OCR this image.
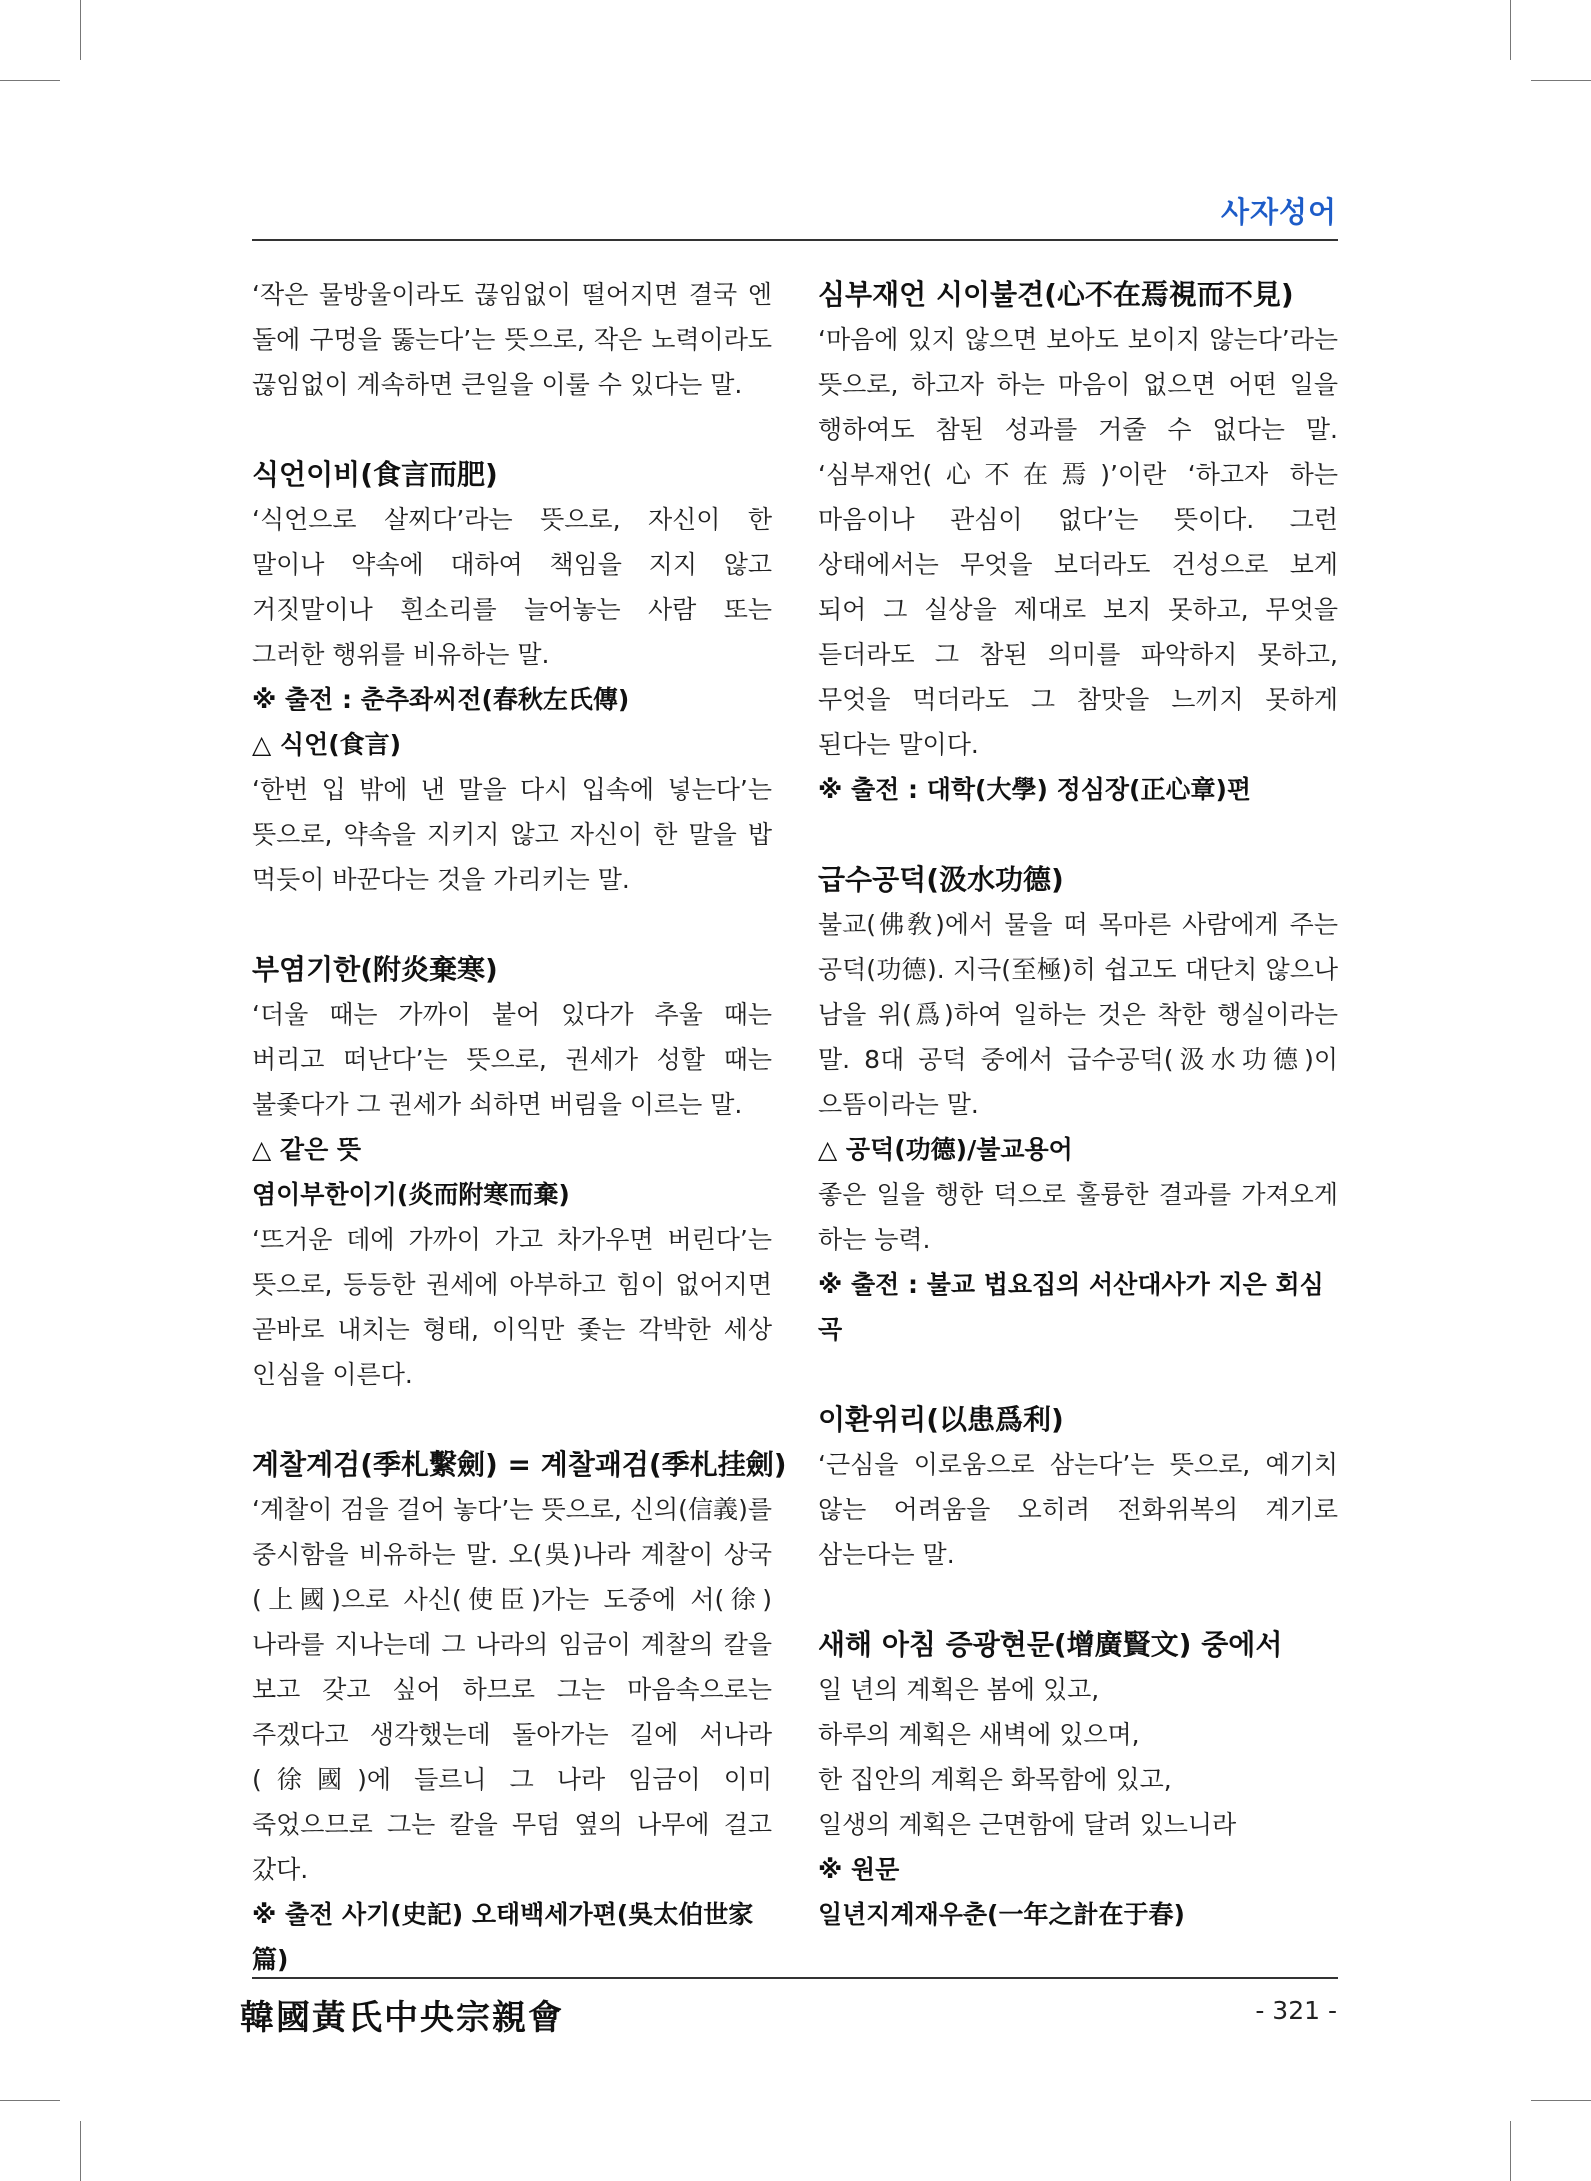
사자성어
‘작은 물방울이라도 끊임없이 떨어지면 결국 엔 돌에 구멍을 뚫는다’는 뜻으로, 작은 노력이라도 끊임없이 계속하면 큰일을 이룰 수 있다는 말.
식언이비(食言而肥)
‘식언으로 살찌다’라는 뜻으로, 자신이 한 말이나 약속에 대하여 책임을 지지 않고 거짓말이나 흰소리를 늘어놓는 사람 또는 그러한 행위를 비유하는 말.
※ 출전 : 춘추좌씨전(春秋左氏傳)
△ 식언(食言)
‘한번 입 밖에 낸 말을 다시 입속에 넣는다’는 뜻으로, 약속을 지키지 않고 자신이 한 말을 밥 먹듯이 바꾼다는 것을 가리키는 말.
부염기한(附炎棄寒)
‘더울 때는 가까이 붙어 있다가 추울 때는 버리고 떠난다’는 뜻으로, 권세가 성할 때는 불좇다가 그 권세가 쇠하면 버림을 이르는 말.
△ 같은 뜻
염이부한이기(炎而附寒而棄)
‘뜨거운 데에 가까이 가고 차가우면 버린다’는 뜻으로, 등등한 권세에 아부하고 힘이 없어지면 곧바로 내치는 형태, 이익만 좇는 각박한 세상 인심을 이른다.
계찰계검(季札繫劍) = 계찰괘검(季札挂劍)
‘계찰이 검을 걸어 놓다’는 뜻으로, 신의(信義)를 중시함을 비유하는 말. 오(吳)나라 계찰이 상국(上國)으로 사신(使臣)가는 도중에 서(徐)나라를 지나는데 그 나라의 임금이 계찰의 칼을 보고 갖고 싶어 하므로 그는 마음속으로는 주겠다고 생각했는데 돌아가는 길에 서나라(徐國)에 들르니 그 나라 임금이 이미 죽었으므로 그는 칼을 무덤 옆의 나무에 걸고 갔다.
※ 출전 사기(史記) 오태백세가편(吳太伯世家篇)
심부재언 시이불견(心不在焉視而不見)
‘마음에 있지 않으면 보아도 보이지 않는다’라는 뜻으로, 하고자 하는 마음이 없으면 어떤 일을 행하여도 참된 성과를 거줄 수 없다는 말. ‘심부재언(心不在焉)’이란 ‘하고자 하는 마음이나 관심이 없다’는 뜻이다. 그런 상태에서는 무엇을 보더라도 건성으로 보게 되어 그 실상을 제대로 보지 못하고, 무엇을 듣더라도 그 참된 의미를 파악하지 못하고, 무엇을 먹더라도 그 참맛을 느끼지 못하게 된다는 말이다.
※ 출전 : 대학(大學) 정심장(正心章)편
급수공덕(汲水功德)
불교(佛敎)에서 물을 떠 목마른 사람에게 주는 공덕(功德). 지극(至極)히 쉽고도 대단치 않으나 남을 위(爲)하여 일하는 것은 착한 행실이라는 말. 8대 공덕 중에서 급수공덕(汲水功德)이 으뜸이라는 말.
△ 공덕(功德)/불교용어
좋은 일을 행한 덕으로 훌륭한 결과를 가져오게 하는 능력.
※ 출전 : 불교 법요집의 서산대사가 지은 회심곡
이환위리(以患爲利)
‘근심을 이로움으로 삼는다’는 뜻으로, 예기치 않는 어려움을 오히려 전화위복의 계기로 삼는다는 말.
새해 아침 증광현문(增廣賢文) 중에서
일 년의 계획은 봄에 있고,
하루의 계획은 새벽에 있으며,
한 집안의 계획은 화목함에 있고,
일생의 계획은 근면함에 달려 있느니라
※ 원문
일년지계재우춘(一年之計在于春)
韓國黃氏中央宗親會	- 321 -
